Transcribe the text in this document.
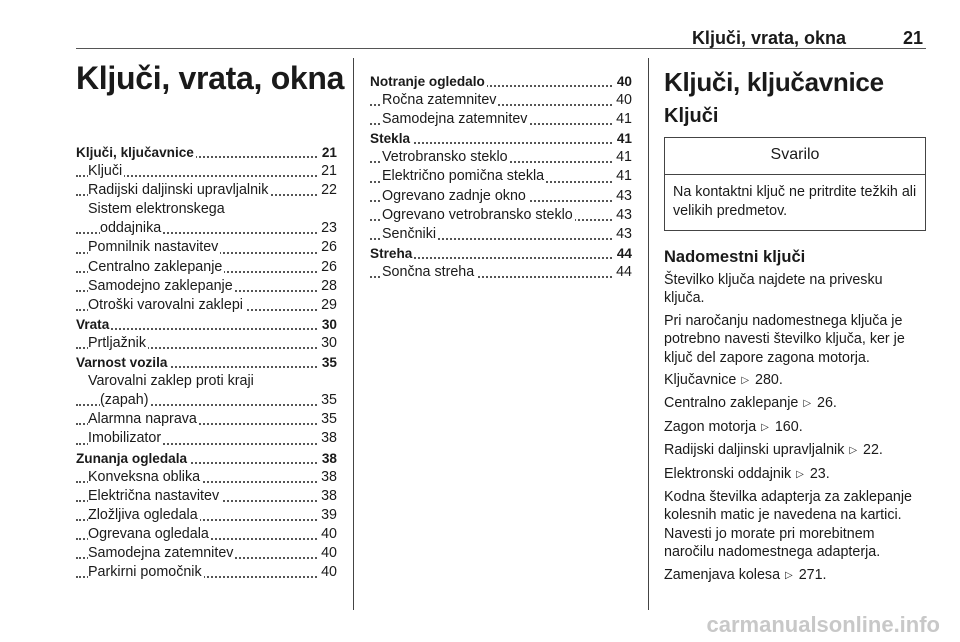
Ključi, vrata, okna	21
Ključi, vrata, okna
Ključi, ključavnice	21
Ključi	21
Radijski daljinski upravljalnik	22
Sistem elektronskega
oddajnika	23
Pomnilnik nastavitev	26
Centralno zaklepanje	26
Samodejno zaklepanje	28
Otroški varovalni zaklepi	29
Vrata	30
Prtljažnik	30
Varnost vozila	35
Varovalni zaklep proti kraji
(zapah)	35
Alarmna naprava	35
Imobilizator	38
Zunanja ogledala	38
Konveksna oblika	38
Električna nastavitev	38
Zložljiva ogledala	39
Ogrevana ogledala	40
Samodejna zatemnitev	40
Parkirni pomočnik	40
Notranje ogledalo	40
Ročna zatemnitev	40
Samodejna zatemnitev	41
Stekla	41
Vetrobransko steklo	41
Električno pomična stekla	41
Ogrevano zadnje okno	43
Ogrevano vetrobransko steklo	43
Senčniki	43
Streha	44
Sončna streha	44
Ključi, ključavnice
Ključi
Svarilo
Na kontaktni ključ ne pritrdite težkih ali velikih predmetov.
Nadomestni ključi
Številko ključa najdete na privesku ključa.
Pri naročanju nadomestnega ključa je potrebno navesti številko ključa, ker je ključ del zapore zagona motorja.
Ključavnice ▷ 280.
Centralno zaklepanje ▷ 26.
Zagon motorja ▷ 160.
Radijski daljinski upravljalnik ▷ 22.
Elektronski oddajnik ▷ 23.
Kodna številka adapterja za zaklepanje kolesnih matic je navedena na kartici. Navesti jo morate pri morebitnem naročilu nadomestnega adapterja.
Zamenjava kolesa ▷ 271.
carmanualsonline.info
